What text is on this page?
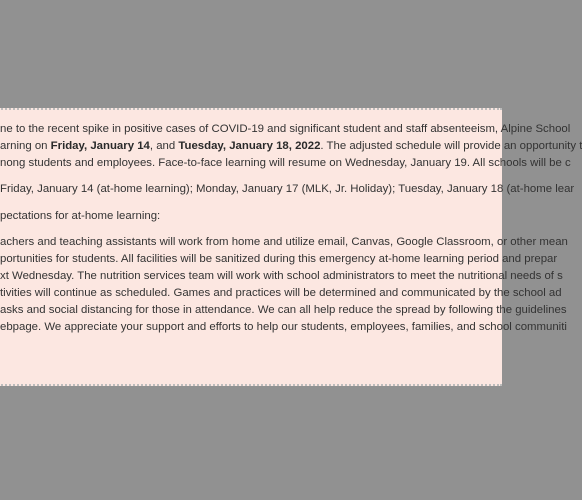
ne to the recent spike in positive cases of COVID-19 and significant student and staff absenteeism, Alpine School
arning on Friday, January 14, and Tuesday, January 18, 2022. The adjusted schedule will provide an opportunity t
nong students and employees. Face-to-face learning will resume on Wednesday, January 19. All schools will be c
Friday, January 14 (at-home learning); Monday, January 17 (MLK, Jr. Holiday); Tuesday, January 18 (at-home lear
pectations for at-home learning:
achers and teaching assistants will work from home and utilize email, Canvas, Google Classroom, or other mean
portunities for students. All facilities will be sanitized during this emergency at-home learning period and prepar
xt Wednesday. The nutrition services team will work with school administrators to meet the nutritional needs of s
tivities will continue as scheduled. Games and practices will be determined and communicated by the school ad
asks and social distancing for those in attendance. We can all help reduce the spread by following the guidelines
ebpage. We appreciate your support and efforts to help our students, employees, families, and school communiti
